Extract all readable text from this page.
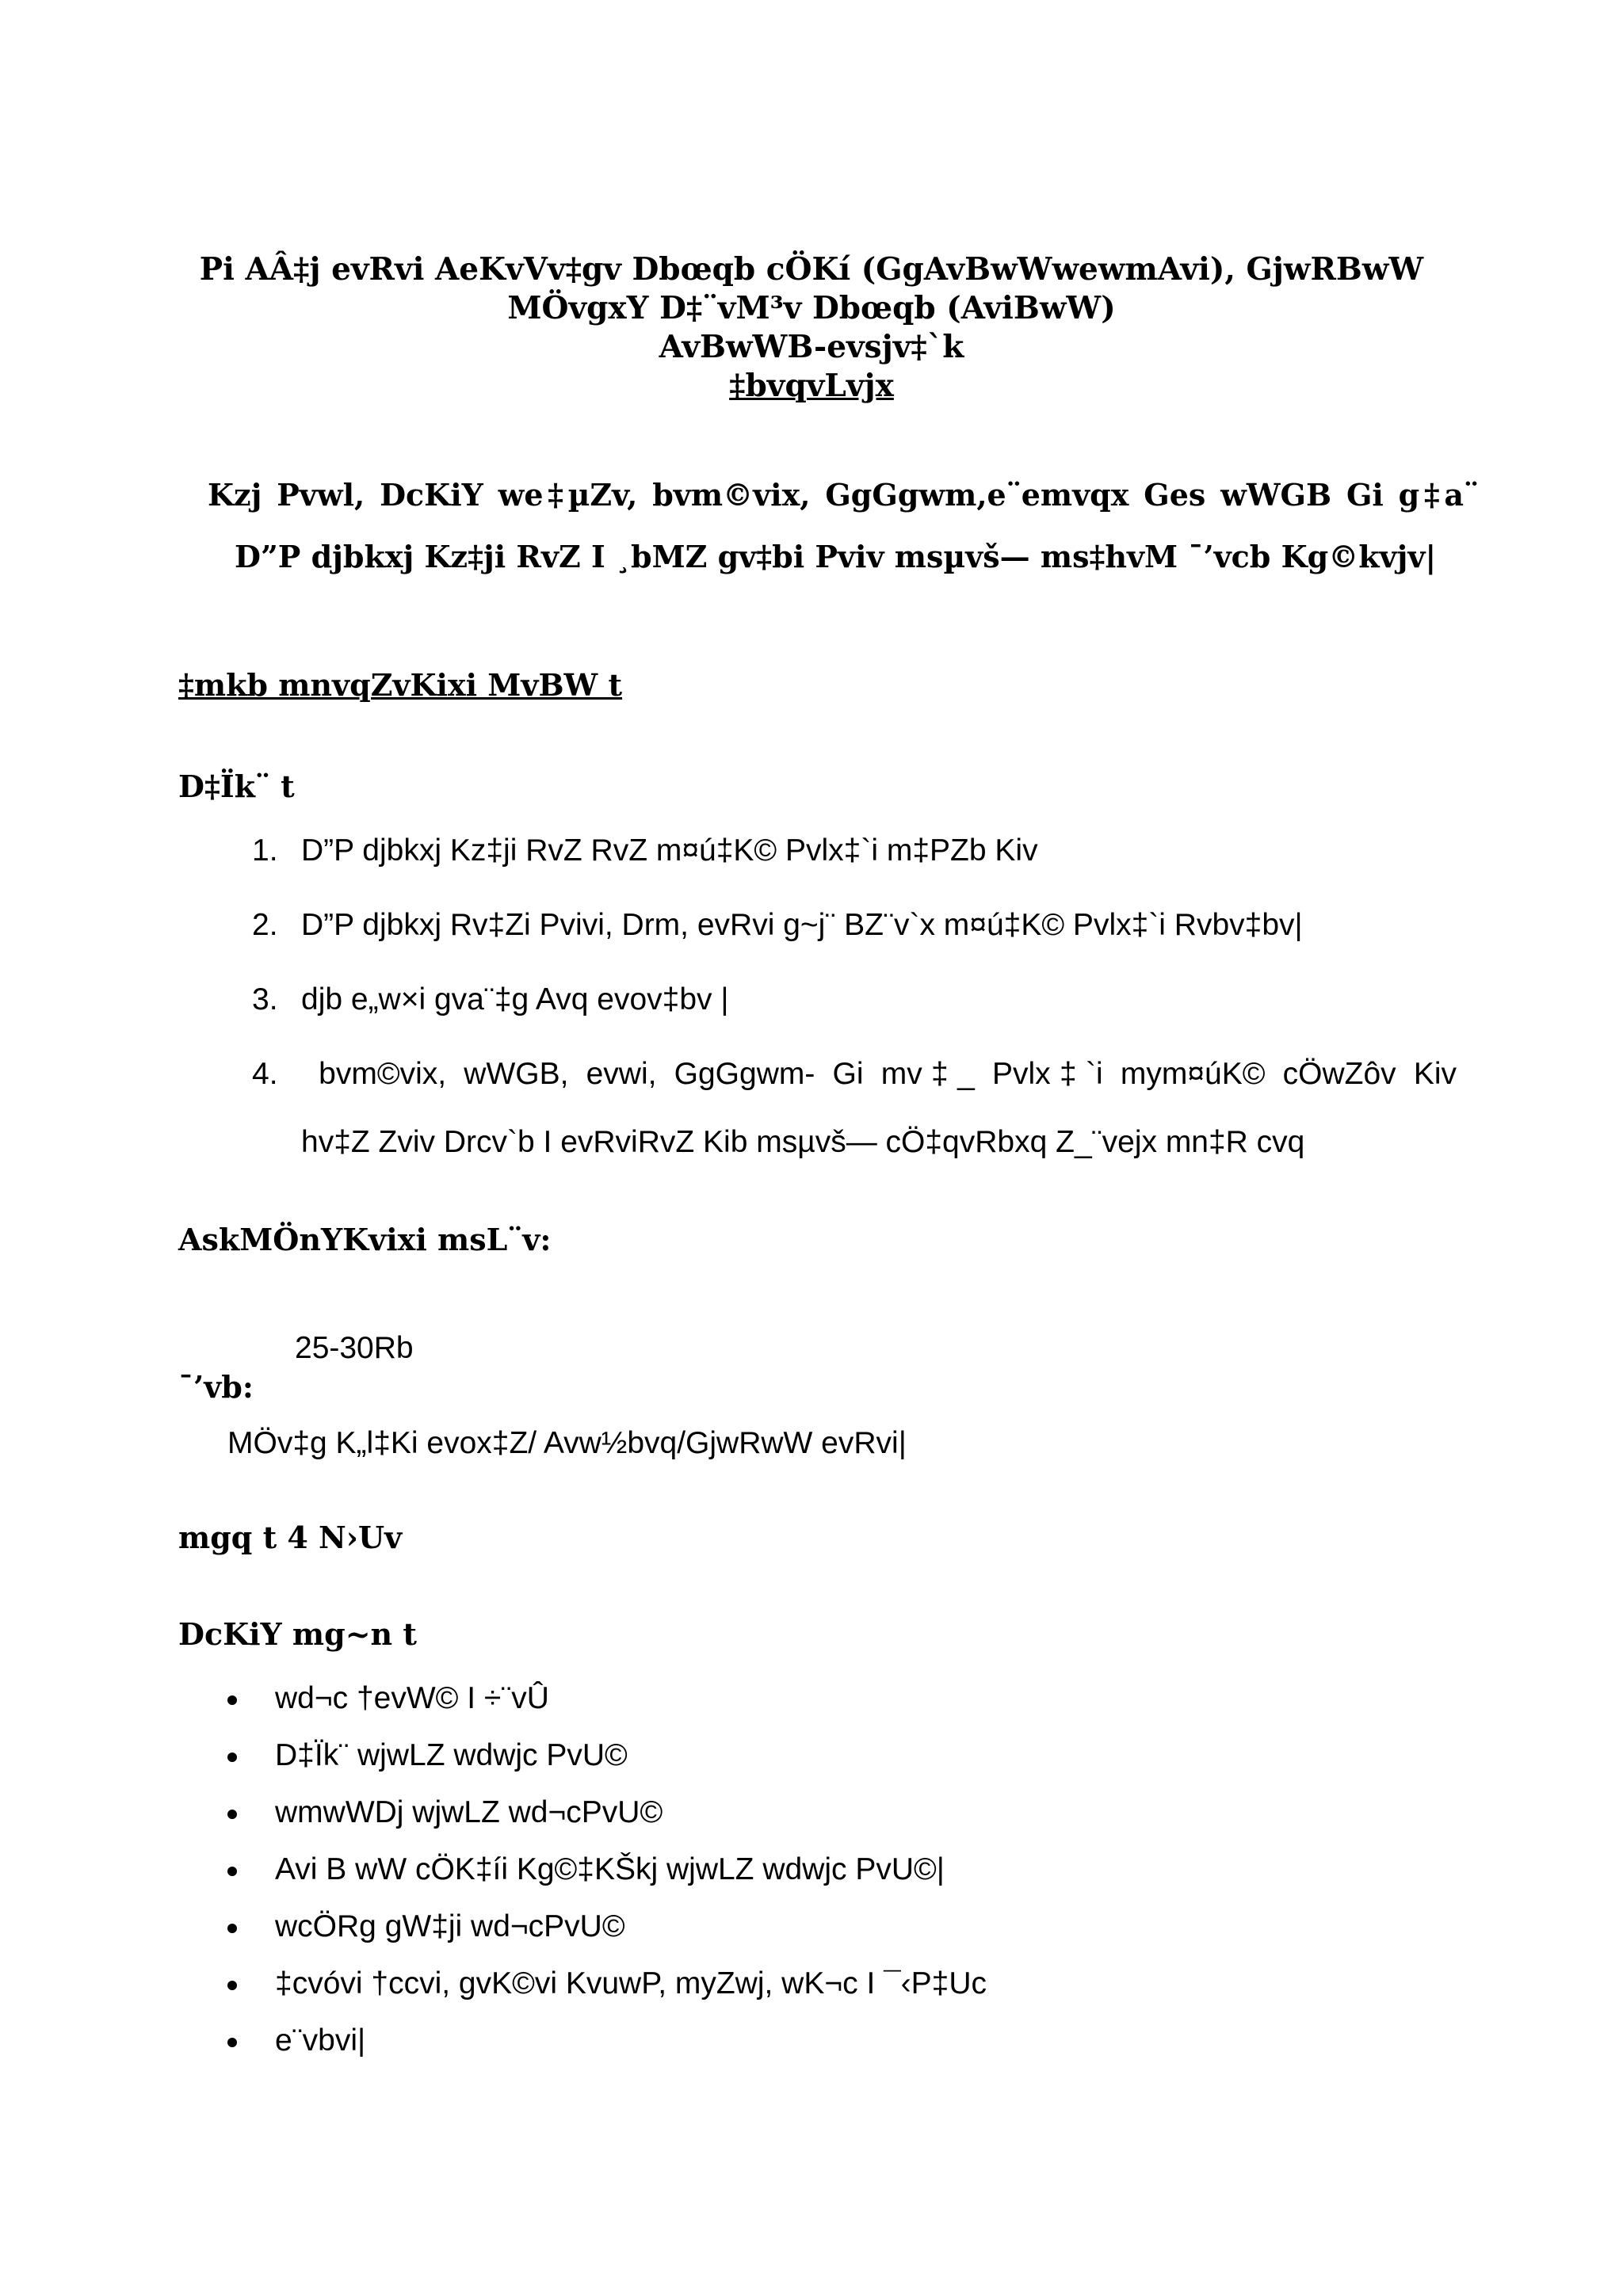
Pi AÂ‡j evRvi AeKvVv‡gv Dbœqb cÖKí (GgAvBwWwewmAvi), GjwRBwW
MÖvgxY D‡¨vM³v Dbœqb (AviBwW)
AvBwWB-evsjv‡`k
‡bvqvLvjx
Kzj Pvwl, DcKiY we‡µZv, bvm©vix, GgGgwm,e¨emvqx Ges wWGB Gi g‡a¨ D”P djbkxj Kz‡ji RvZ I ¸bMZ gv‡bi Pviv msµvš— ms‡hvM ¯’vcb Kg©kvjv|
‡mkb mnvqZvKixi MvBW t
D‡Ïk¨ t
1. D”P djbkxj Kz‡ji RvZ RvZ m¤ú‡K© Pvlx‡`i m‡PZb Kiv
2. D”P djbkxj Rv‡Zi Pvivi, Drm, evRvi g~j¨ BZ¨v`x m¤ú‡K© Pvlx‡`i Rvbv‡bv|
3. djb e„w×i gva¨‡g Avq evov‡bv |
4. bvm©vix, wWGB, evwi, GgGgwm- Gi mv‡_ Pvlx‡`i mym¤úK© cÖwZôv Kiv
hv‡Z Zviv Drcv`b I evRviRvZ Kib msµvš— cÖ‡qvRbxq Z_¨vejx mn‡R cvq
AskMÖnYKvixi msL¨v:
25-30Rb
¯’vb:
MÖv‡g K„l‡Ki evox‡Z/ Avw½bvq/GjwRwW evRvi|
mgq t 4 N›Uv
DcKiY mg~n t
wd¬c †evW© I ÷¨vÛ
D‡Ïk¨ wjwLZ wdwjc PvU©
wmwWDj wjwLZ wd¬cPvU©
Avi B wW cÖK‡íi Kg©‡KŠkj wjwLZ wdwjc PvU©|
wcÖRg gW‡ji wd¬cPvU©
‡cvóvi †ccvi, gvK©vi KvuwP, myZwj, wK¬c I ¯‹P‡Uc
e¨vbvi|
